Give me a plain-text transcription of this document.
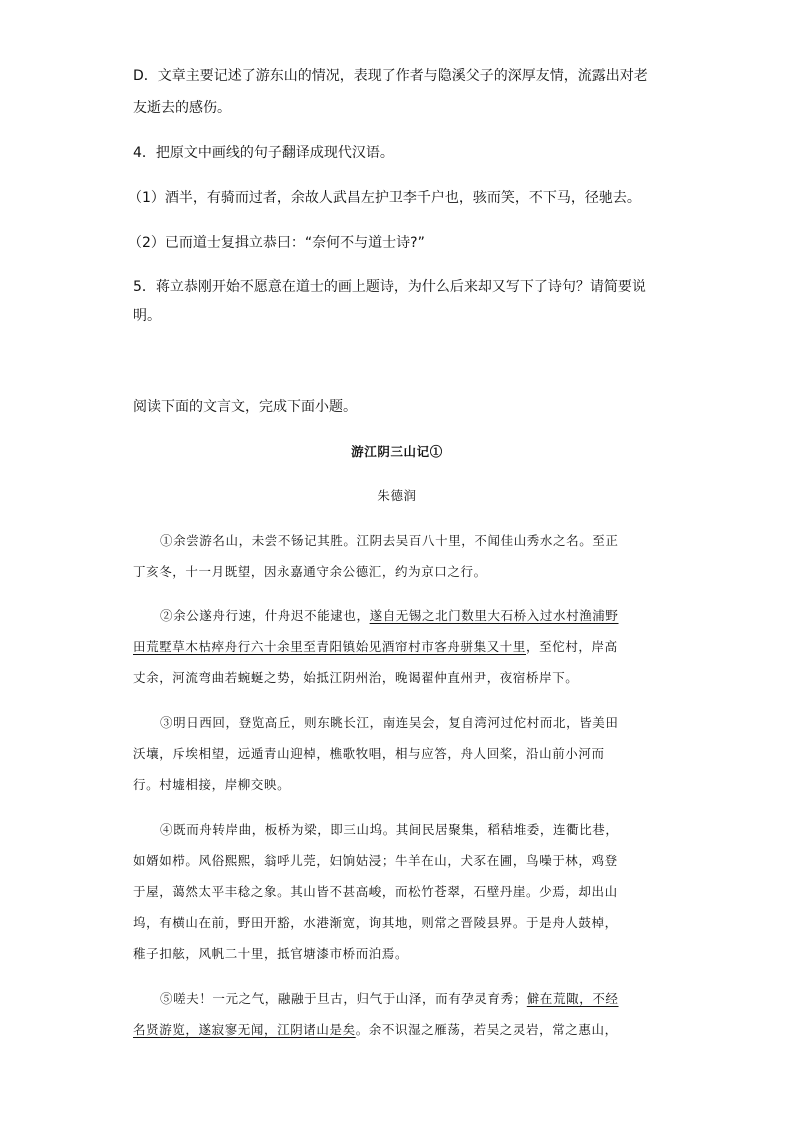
D．文章主要记述了游东山的情况，表现了作者与隐溪父子的深厚友情，流露出对老
友逝去的感伤。
4．把原文中画线的句子翻译成现代汉语。
（1）酒半，有骑而过者，余故人武昌左护卫李千户也，骇而笑，不下马，径驰去。
（2）已而道士复揖立恭曰：“奈何不与道士诗?”
5．蒋立恭刚开始不愿意在道士的画上题诗，为什么后来却又写下了诗句？请简要说
明。
阅读下面的文言文，完成下面小题。
游江阴三山记①
朱德润
①余尝游名山，未尝不钖记其胜。江阴去吴百八十里，不闻佳山秀水之名。至正
丁亥冬，十一月既望，因永嘉通守余公德汇，约为京口之行。
②余公遂舟行速，什舟迟不能逮也，遂自无锡之北门数里大石桥入过水村渔浦野
田荒墅草木枯瘁舟行六十余里至青阳镇始见酒帘村市客舟骈集又十里，至佗村，岸高
丈余，河流弯曲若蜿蜒之势，始抵江阴州治，晚谒翟仲直州尹，夜宿桥岸下。
③明日西回，登览高丘，则东眺长江，南连吴会，复自湾河过佗村而北，皆美田
沃壤，斥埃相望，远遁青山迎棹，樵歌牧唱，相与应答，舟人回桨，沿山前小河而
行。村墟相接，岸柳交映。
④既而舟转岸曲，板桥为梁，即三山坞。其间民居聚集，稻秸堆委，连衢比巷，
如婿如栉。风俗熙熙，翁呼儿莞，妇饷姑浸；牛羊在山，犬豕在圃，鸟噪于林，鸡登
于屋，蔼然太平丰稔之象。其山皆不甚高峻，而松竹苍翠，石壁丹崖。少焉，却出山
坞，有横山在前，野田开豁，水港渐宽，询其地，则常之晋陵县界。于是舟人鼓棹，
稚子扣舷，风帆二十里，抵官塘漆市桥而泊焉。
⑤嗟夫！一元之气，融融于旦古，归气于山泽，而有孕灵育秀；僻在荒陬，不经
名贤游览，遂寂寥无闻，江阴诸山是矣。余不识湿之雁荡，若吴之灵岩，常之惠山，
